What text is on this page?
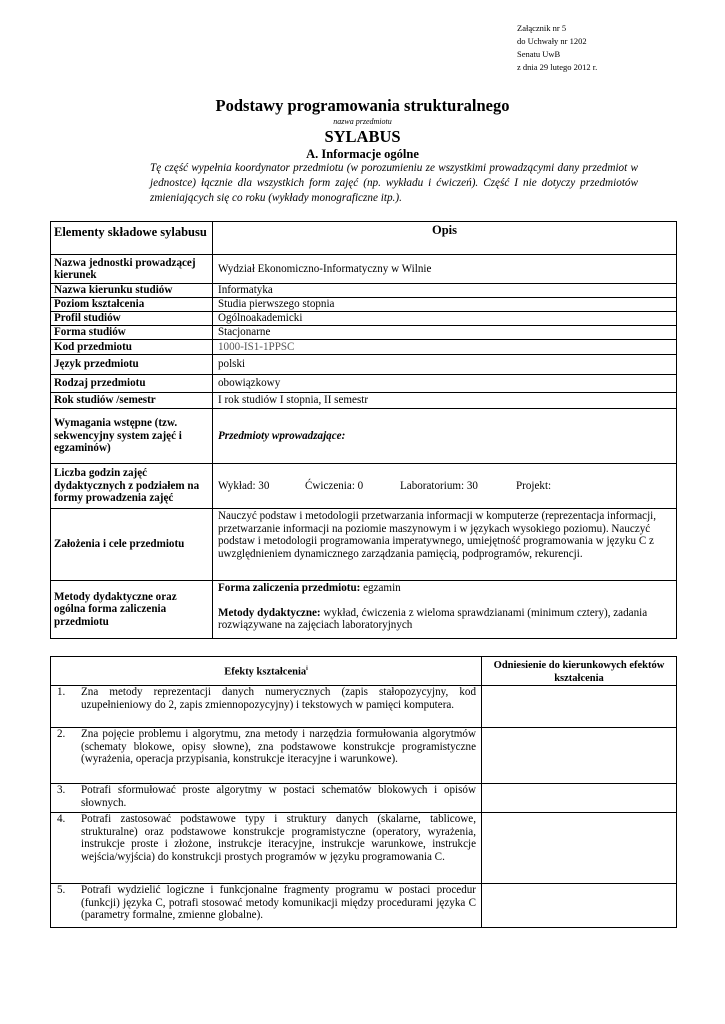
Załącznik nr 5
do Uchwały nr 1202
Senatu UwB
z dnia 29 lutego 2012 r.
Podstawy programowania strukturalnego
nazwa przedmiotu
SYLABUS
A. Informacje ogólne
Tę część wypełnia koordynator przedmiotu (w porozumieniu ze wszystkimi prowadzącymi dany przedmiot w jednostce) łącznie dla wszystkich form zajęć (np. wykładu i ćwiczeń). Część I nie dotyczy przedmiotów zmieniających się co roku (wykłady monograficzne itp.).
Elementy składowe sylabusu	Opis
Nazwa jednostki prowadzącej kierunek	Wydział Ekonomiczno-Informatyczny w Wilnie
Nazwa kierunku studiów	Informatyka
Poziom kształcenia	Studia pierwszego stopnia
Profil studiów	Ogólnoakademicki
Forma studiów	Stacjonarne
Kod przedmiotu	1000-IS1-1PPSC
Język przedmiotu	polski
Rodzaj przedmiotu	obowiązkowy
Rok studiów /semestr	I rok studiów I stopnia, II semestr
Wymagania wstępne (tzw. sekwencyjny system zajęć i egzaminów)	Przedmioty wprowadzające:
Liczba godzin zajęć dydaktycznych z podziałem na formy prowadzenia zajęć	Wykład: 30 Ćwiczenia: 0 Laboratorium: 30 Projekt:
Założenia i cele przedmiotu	Nauczyć podstaw i metodologii przetwarzania informacji w komputerze (reprezentacja informacji, przetwarzanie informacji na poziomie maszynowym i w językach wysokiego poziomu). Nauczyć podstaw i metodologii programowania imperatywnego, umiejętność programowania w języku C z uwzględnieniem dynamicznego zarządzania pamięcią, podprogramów, rekurencji.
Metody dydaktyczne oraz ogólna forma zaliczenia przedmiotu	Forma zaliczenia przedmiotu: egzamin
Metody dydaktyczne: wykład, ćwiczenia z wieloma sprawdzianami (minimum cztery), zadania rozwiązywane na zajęciach laboratoryjnych
Efekty kształcenia$^i$	Odniesienie do kierunkowych efektów kształcenia

1. Zna metody reprezentacji danych numerycznych (zapis stałopozycyjny, kod uzupełnieniowy do 2, zapis zmiennopozycyjny) i tekstowych w pamięci komputera.	

2. Zna pojęcie problemu i algorytmu, zna metody i narzędzia formułowania algorytmów (schematy blokowe, opisy słowne), zna podstawowe konstrukcje programistyczne (wyrażenia, operacja przypisania, konstrukcje iteracyjne i warunkowe).	

3. Potrafi sformułować proste algorytmy w postaci schematów blokowych i opisów słownych.	

4. Potrafi zastosować podstawowe typy i struktury danych (skalarne, tablicowe, strukturalne) oraz podstawowe konstrukcje programistyczne (operatory, wyrażenia, instrukcje proste i złożone, instrukcje iteracyjne, instrukcje warunkowe, instrukcje wejścia/wyjścia) do konstrukcji prostych programów w języku programowania C.	

5. Potrafi wydzielić logiczne i funkcjonalne fragmenty programu w postaci procedur (funkcji) języka C, potrafi stosować metody komunikacji między procedurami języka C (parametry formalne, zmienne globalne).	
